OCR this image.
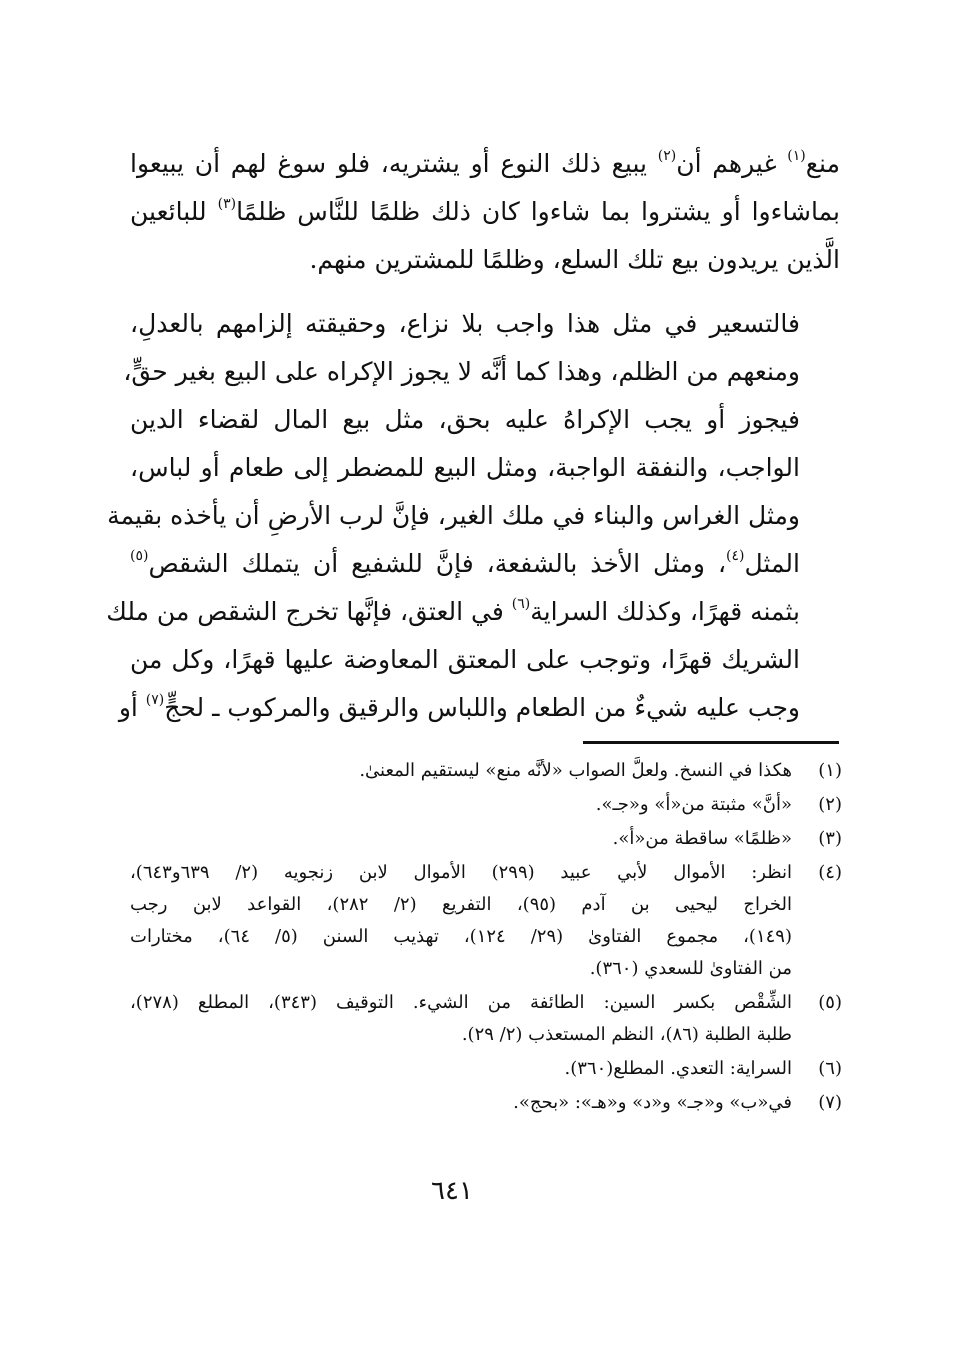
منع$^{(١)}$ غيرهم أن$^{(٢)}$ يبيع ذلك النوع أو يشتريه، فلو سوغ لهم أن يبيعوا
بماشاءوا أو يشتروا بما شاءوا كان ذلك ظلمًا للنَّاس ظلمًا$^{(٣)}$ للبائعين
الَّذين يريدون بيع تلك السلع، وظلمًا للمشترين منهم.

فالتسعير في مثل هذا واجب بلا نزاع، وحقيقته إلزامهم بالعدلِ،
ومنعهم من الظلم، وهذا كما أنَّه لا يجوز الإكراه على البيع بغير حقٍّ،
فيجوز أو يجب الإكراهُ عليه بحق، مثل بيع المال لقضاء الدين
الواجب، والنفقة الواجبة، ومثل البيع للمضطر إلى طعام أو لباس،
ومثل الغراس والبناء في ملك الغير، فإنَّ لرب الأرضِ أن يأخذه بقيمة
المثل$^{(٤)}$، ومثل الأخذ بالشفعة، فإنَّ للشفيع أن يتملك الشقص$^{(٥)}$
بثمنه قهرًا، وكذلك السراية$^{(٦)}$ في العتق، فإنَّها تخرج الشقص من ملك
الشريك قهرًا، وتوجب على المعتق المعاوضة عليها قهرًا، وكل من
وجب عليه شيءٌ من الطعام واللباس والرقيق والمركوب ـ لحجٍّ$^{(٧)}$ أو

(١)
هكذا في النسخ. ولعلَّ الصواب «لأنَّه منع» ليستقيم المعنىٰ.
(٢)
«أنَّ» مثبتة من«أ» و«جـ».
(٣)
«ظلمًا» ساقطة من«أ».
(٤)
انظر: الأموال لأبي عبيد (٢٩٩) الأموال لابن زنجويه (٢/ ٦٣٩و٦٤٣)،
الخراج ليحيى بن آدم (٩٥)، التفريع (٢/ ٢٨٢)، القواعد لابن رجب
(١٤٩)، مجموع الفتاوىٰ (٢٩/ ١٢٤)، تهذيب السنن (٥/ ٦٤)، مختارات
من الفتاوىٰ للسعدي (٣٦٠).
(٥)
الشِّقْص بكسر السين: الطائفة من الشيء. التوقيف (٣٤٣)، المطلع (٢٧٨)،
طلبة الطلبة (٨٦)، النظم المستعذب (٢/ ٢٩).
(٦)
السراية: التعدي. المطلع(٣٦٠).
(٧)
في«ب» و«جـ» و«د» و«هـ»: «بحج».
٦٤١
